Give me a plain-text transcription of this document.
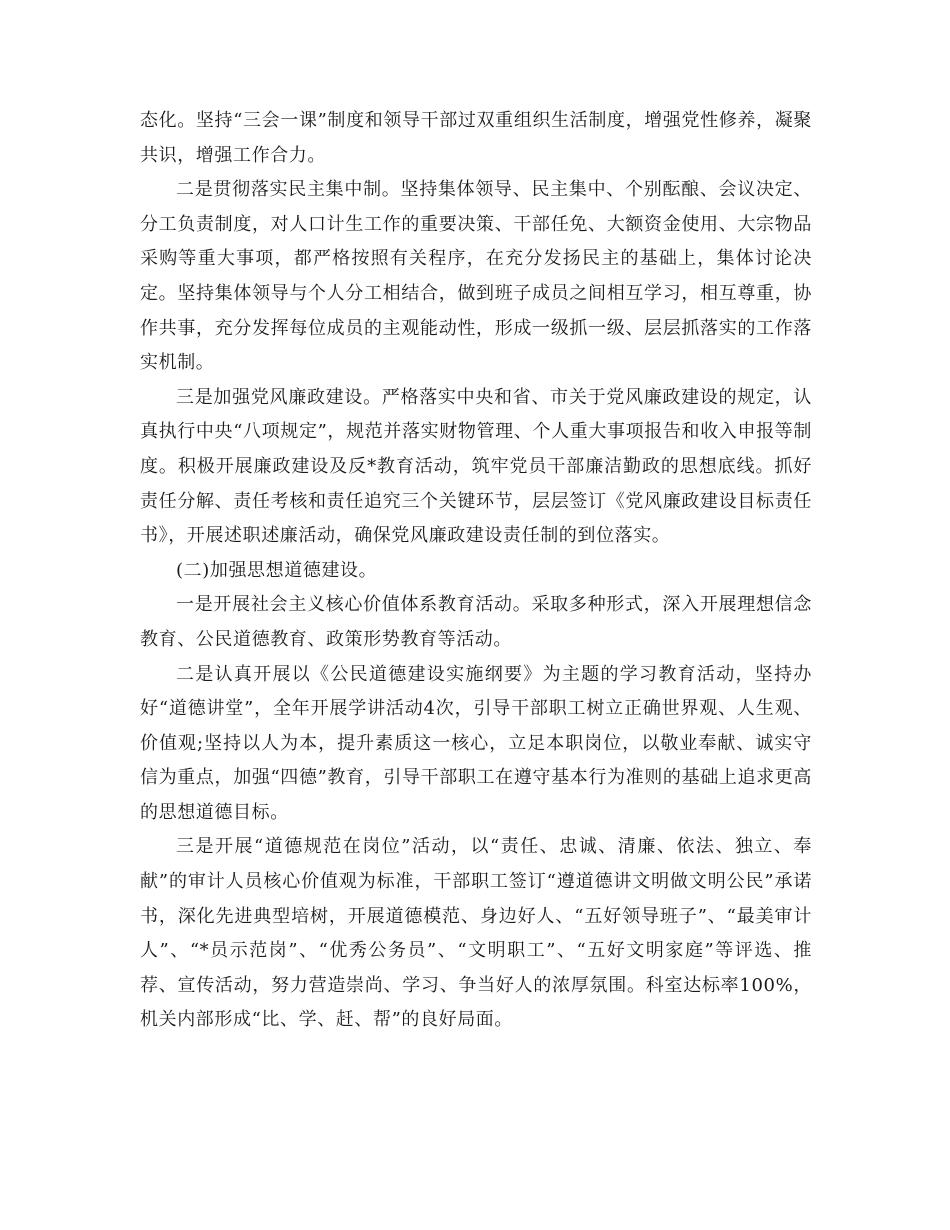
态化。坚持“三会一课”制度和领导干部过双重组织生活制度，增强党性修养，凝聚共识，增强工作合力。

二是贯彻落实民主集中制。坚持集体领导、民主集中、个别酝酿、会议决定、分工负责制度，对人口计生工作的重要决策、干部任免、大额资金使用、大宗物品采购等重大事项，都严格按照有关程序，在充分发扬民主的基础上，集体讨论决定。坚持集体领导与个人分工相结合，做到班子成员之间相互学习，相互尊重，协作共事，充分发挥每位成员的主观能动性，形成一级抓一级、层层抓落实的工作落实机制。

三是加强党风廉政建设。严格落实中央和省、市关于党风廉政建设的规定，认真执行中央“八项规定”，规范并落实财物管理、个人重大事项报告和收入申报等制度。积极开展廉政建设及反*教育活动，筑牢党员干部廉洁勤政的思想底线。抓好责任分解、责任考核和责任追究三个关键环节，层层签订《党风廉政建设目标责任书》，开展述职述廉活动，确保党风廉政建设责任制的到位落实。

(二)加强思想道德建设。

一是开展社会主义核心价值体系教育活动。采取多种形式，深入开展理想信念教育、公民道德教育、政策形势教育等活动。

二是认真开展以《公民道德建设实施纲要》为主题的学习教育活动，坚持办好“道德讲堂”，全年开展学讲活动4次，引导干部职工树立正确世界观、人生观、价值观;坚持以人为本，提升素质这一核心，立足本职岗位，以敬业奉献、诚实守信为重点，加强“四德”教育，引导干部职工在遵守基本行为准则的基础上追求更高的思想道德目标。

三是开展“道德规范在岗位”活动，以“责任、忠诚、清廉、依法、独立、奉献”的审计人员核心价值观为标准，干部职工签订“遵道德讲文明做文明公民”承诺书，深化先进典型培树，开展道德模范、身边好人、“五好领导班子”、“最美审计人”、“*员示范岗”、“优秀公务员”、“文明职工”、“五好文明家庭”等评选、推荐、宣传活动，努力营造崇尚、学习、争当好人的浓厚氛围。科室达标率100%，机关内部形成“比、学、赶、帮”的良好局面。
